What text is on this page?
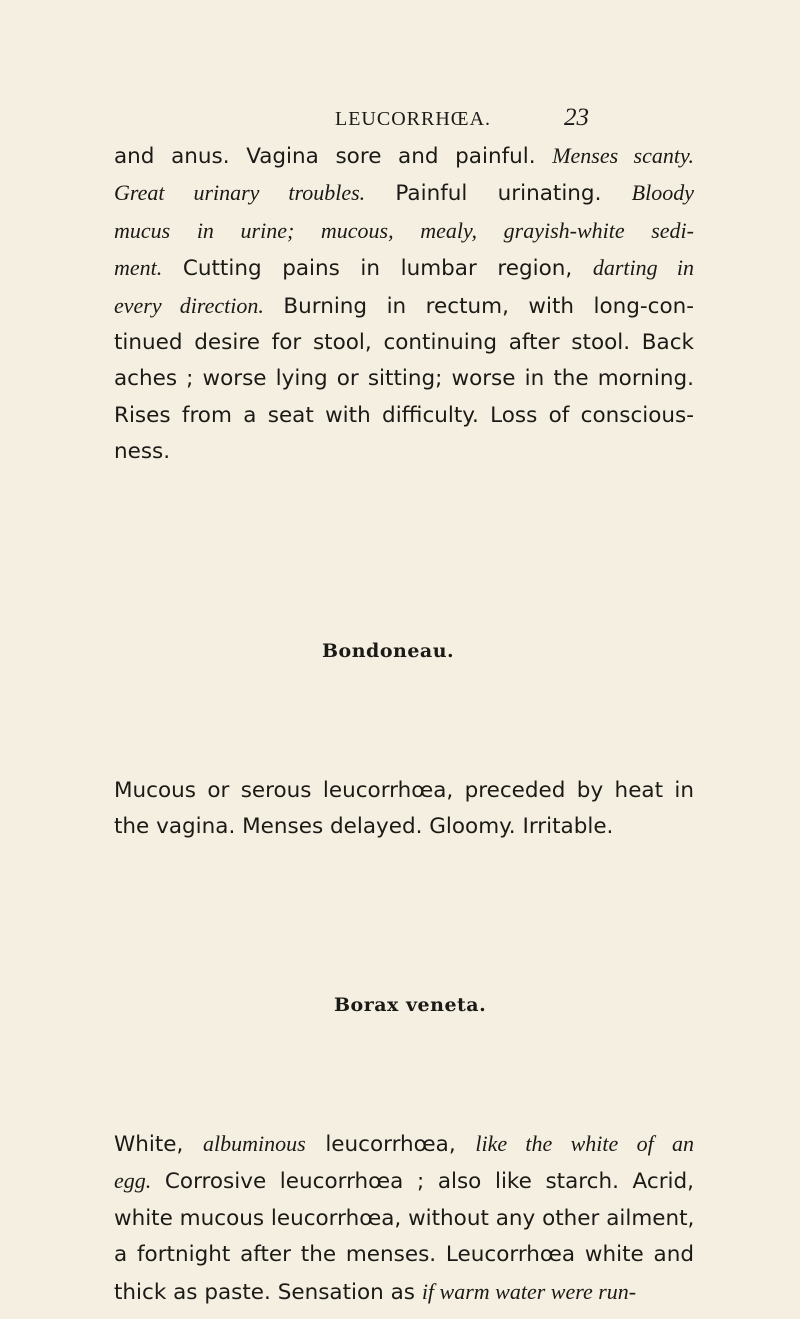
LEUCORRHŒA.	23
and anus. Vagina sore and painful. Menses scanty.
Great urinary troubles. Painful urinating. Bloody
mucus in urine; mucous, mealy, grayish-white sedi-
ment. Cutting pains in lumbar region, darting in
every direction. Burning in rectum, with long-con-
tinued desire for stool, continuing after stool. Back
aches ; worse lying or sitting; worse in the morning.
Rises from a seat with difficulty. Loss of conscious-
ness.
Bondoneau.
Mucous or serous leucorrhœa, preceded by heat in
the vagina. Menses delayed. Gloomy. Irritable.
Borax veneta.
White, albuminous leucorrhœa, like the white of an
egg. Corrosive leucorrhœa ; also like starch. Acrid,
white mucous leucorrhœa, without any other ailment,
a fortnight after the menses. Leucorrhœa white and
thick as paste. Sensation as if warm water were run-
